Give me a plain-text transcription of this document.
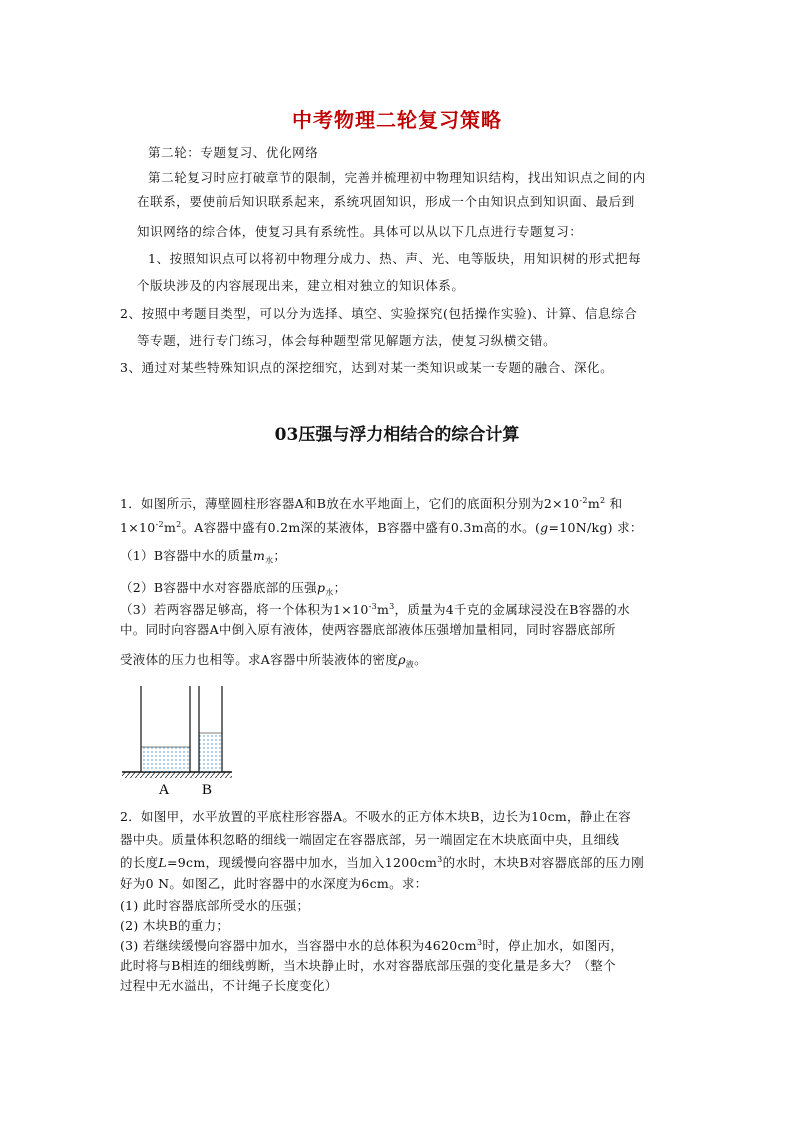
中考物理二轮复习策略
第二轮：专题复习、优化网络
第二轮复习时应打破章节的限制，完善并梳理初中物理知识结构，找出知识点之间的内
在联系，要使前后知识联系起来，系统巩固知识，形成一个由知识点到知识面、最后到
知识网络的综合体，使复习具有系统性。具体可以从以下几点进行专题复习：
1、按照知识点可以将初中物理分成力、热、声、光、电等版块，用知识树的形式把每
个版块涉及的内容展现出来，建立相对独立的知识体系。
2、按照中考题目类型，可以分为选择、填空、实验探究(包括操作实验)、计算、信息综合
等专题，进行专门练习，体会每种题型常见解题方法，使复习纵横交错。
3、通过对某些特殊知识点的深挖细究，达到对某一类知识或某一专题的融合、深化。
03压强与浮力相结合的综合计算
1．如图所示，薄壁圆柱形容器A和B放在水平地面上，它们的底面积分别为$2\times 10^{-2}m^2$ 和
$1\times 10^{-2}m^2$。A容器中盛有0.2m深的某液体，B容器中盛有0.3m高的水。(g=10N/kg) 求：
（1）B容器中水的质量$m_水$；
（2）B容器中水对容器底部的压强$p_水$；
（3）若两容器足够高，将一个体积为$1\times 10^{-3}m^3$，质量为4千克的金属球浸没在B容器的水
中。同时向容器A中倒入原有液体，使两容器底部液体压强增加量相同，同时容器底部所
受液体的压力也相等。求A容器中所装液体的密度$\rho_液$。
A B
2．如图甲，水平放置的平底柱形容器A。不吸水的正方体木块B，边长为10cm，静止在容
器中央。质量体积忽略的细线一端固定在容器底部，另一端固定在木块底面中央，且细线
的长度L=9cm，现缓慢向容器中加水，当加入$1200cm^3$的水时，木块B对容器底部的压力刚
好为0 N。如图乙，此时容器中的水深度为6cm。求：
(1) 此时容器底部所受水的压强；
(2) 木块B的重力；
(3) 若继续缓慢向容器中加水，当容器中水的总体积为$4620cm^3$时，停止加水，如图丙，
此时将与B相连的细线剪断，当木块静止时，水对容器底部压强的变化量是多大？（整个
过程中无水溢出，不计绳子长度变化）
